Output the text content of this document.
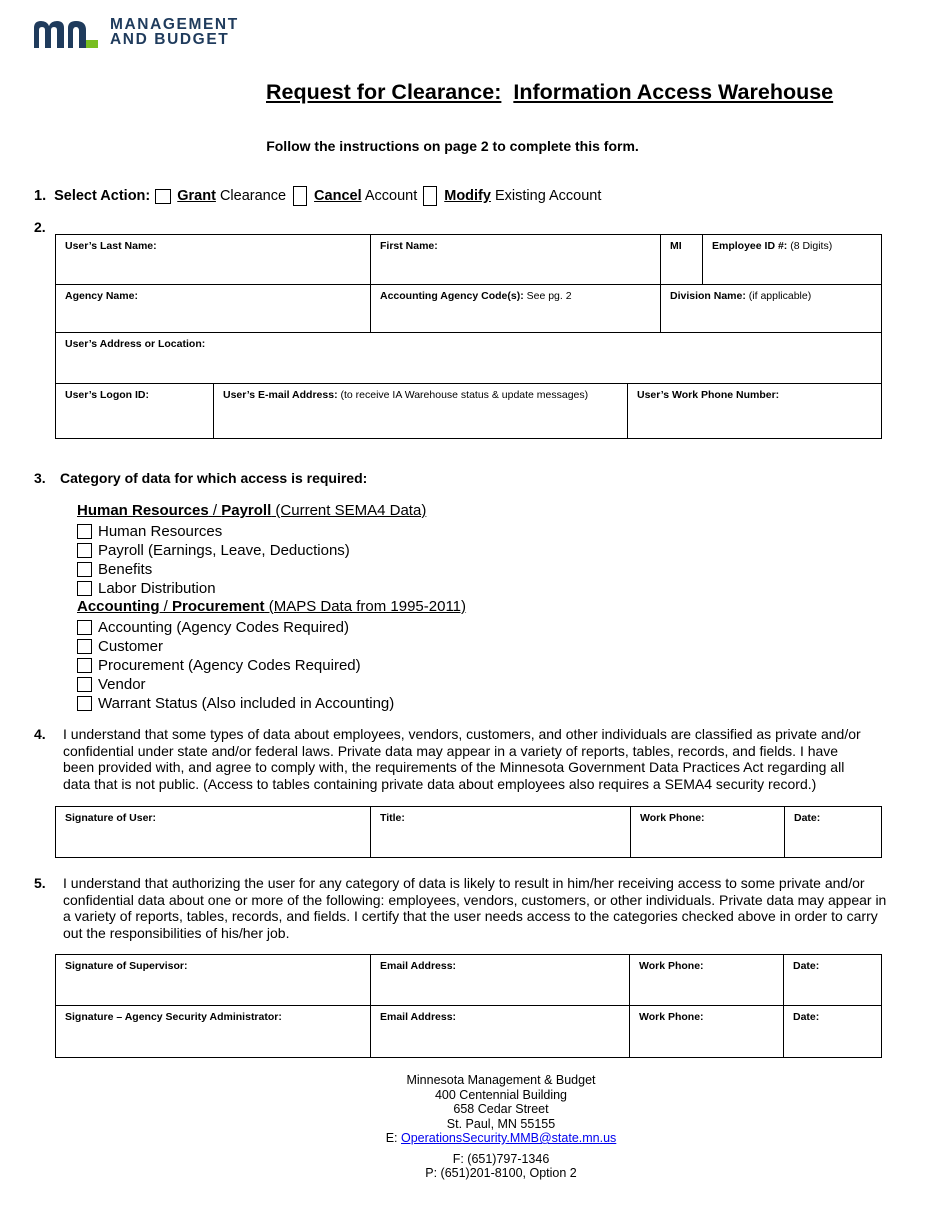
MANAGEMENT
AND BUDGET
Request for Clearance: Information Access Warehouse
Follow the instructions on page 2 to complete this form.
1. Select Action: Grant Clearance Cancel Account Modify Existing Account
2.
User’s Last Name:	First Name:	MI	Employee ID #: (8 Digits)
Agency Name:	Accounting Agency Code(s): See pg. 2	Division Name: (if applicable)	
User’s Address or Location:			
User’s Logon ID:	User’s E-mail Address: (to receive IA Warehouse status & update messages)	User’s Work Phone Number:
3. Category of data for which access is required:
Human Resources / Payroll (Current SEMA4 Data)
Human Resources
Payroll (Earnings, Leave, Deductions)
Benefits
Labor Distribution
Accounting / Procurement (MAPS Data from 1995-2011)
Accounting (Agency Codes Required)
Customer
Procurement (Agency Codes Required)
Vendor
Warrant Status (Also included in Accounting)
4. I understand that some types of data about employees, vendors, customers, and other individuals are classified as private and/or confidential under state and/or federal laws. Private data may appear in a variety of reports, tables, records, and fields. I have been provided with, and agree to comply with, the requirements of the Minnesota Government Data Practices Act regarding all data that is not public. (Access to tables containing private data about employees also requires a SEMA4 security record.)
Signature of User:	Title:	Work Phone:	Date:
5. I understand that authorizing the user for any category of data is likely to result in him/her receiving access to some private and/or confidential data about one or more of the following: employees, vendors, customers, or other individuals. Private data may appear in a variety of reports, tables, records, and fields. I certify that the user needs access to the categories checked above in order to carry out the responsibilities of his/her job.
Signature of Supervisor:	Email Address:	Work Phone:	Date:
Signature – Agency Security Administrator:	Email Address:	Work Phone:	Date:
Minnesota Management & Budget
400 Centennial Building
658 Cedar Street
St. Paul, MN 55155
E: OperationsSecurity.MMB@state.mn.us
F: (651)797-1346
P: (651)201-8100, Option 2
